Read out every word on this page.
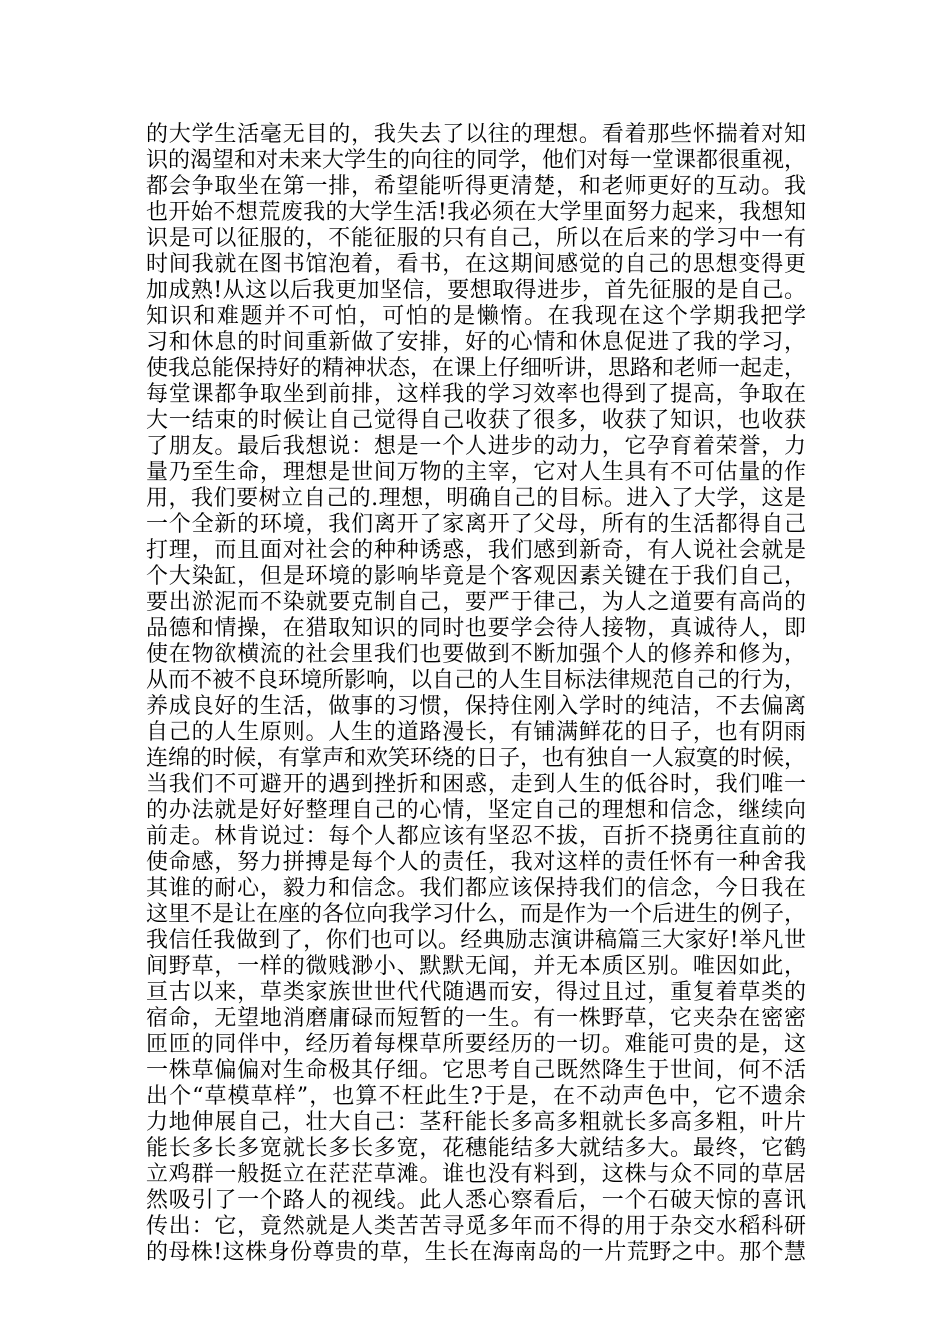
的大学生活毫无目的，我失去了以往的理想。看着那些怀揣着对知
识的渴望和对未来大学生的向往的同学，他们对每一堂课都很重视，
都会争取坐在第一排，希望能听得更清楚，和老师更好的互动。我
也开始不想荒废我的大学生活!我必须在大学里面努力起来，我想知
识是可以征服的，不能征服的只有自己，所以在后来的学习中一有
时间我就在图书馆泡着，看书，在这期间感觉的自己的思想变得更
加成熟!从这以后我更加坚信，要想取得进步，首先征服的是自己。
知识和难题并不可怕，可怕的是懒惰。在我现在这个学期我把学
习和休息的时间重新做了安排，好的心情和休息促进了我的学习，
使我总能保持好的精神状态，在课上仔细听讲，思路和老师一起走，
每堂课都争取坐到前排，这样我的学习效率也得到了提高，争取在
大一结束的时候让自己觉得自己收获了很多，收获了知识，也收获
了朋友。最后我想说：想是一个人进步的动力，它孕育着荣誉，力
量乃至生命，理想是世间万物的主宰，它对人生具有不可估量的作
用，我们要树立自己的.理想，明确自己的目标。进入了大学，这是
一个全新的环境，我们离开了家离开了父母，所有的生活都得自己
打理，而且面对社会的种种诱惑，我们感到新奇，有人说社会就是
个大染缸，但是环境的影响毕竟是个客观因素关键在于我们自己，
要出淤泥而不染就要克制自己，要严于律己，为人之道要有高尚的
品德和情操，在猎取知识的同时也要学会待人接物，真诚待人，即
使在物欲横流的社会里我们也要做到不断加强个人的修养和修为，
从而不被不良环境所影响，以自己的人生目标法律规范自己的行为，
养成良好的生活，做事的习惯，保持住刚入学时的纯洁，不去偏离
自己的人生原则。人生的道路漫长，有铺满鲜花的日子，也有阴雨
连绵的时候，有掌声和欢笑环绕的日子，也有独自一人寂寞的时候，
当我们不可避开的遇到挫折和困惑，走到人生的低谷时，我们唯一
的办法就是好好整理自己的心情，坚定自己的理想和信念，继续向
前走。林肯说过：每个人都应该有坚忍不拔，百折不挠勇往直前的
使命感，努力拼搏是每个人的责任，我对这样的责任怀有一种舍我
其谁的耐心，毅力和信念。我们都应该保持我们的信念，今日我在
这里不是让在座的各位向我学习什么，而是作为一个后进生的例子，
我信任我做到了，你们也可以。经典励志演讲稿篇三大家好!举凡世
间野草，一样的微贱渺小、默默无闻，并无本质区别。唯因如此，
亘古以来，草类家族世世代代随遇而安，得过且过，重复着草类的
宿命，无望地消磨庸碌而短暂的一生。有一株野草，它夹杂在密密
匝匝的同伴中，经历着每棵草所要经历的一切。难能可贵的是，这
一株草偏偏对生命极其仔细。它思考自己既然降生于世间，何不活
出个“草模草样”，也算不枉此生?于是，在不动声色中，它不遗余
力地伸展自己，壮大自己：茎秆能长多高多粗就长多高多粗，叶片
能长多长多宽就长多长多宽，花穗能结多大就结多大。最终，它鹤
立鸡群一般挺立在茫茫草滩。谁也没有料到，这株与众不同的草居
然吸引了一个路人的视线。此人悉心察看后，一个石破天惊的喜讯
传出：它，竟然就是人类苦苦寻觅多年而不得的用于杂交水稻科研
的母株!这株身份尊贵的草，生长在海南岛的一片荒野之中。那个慧
